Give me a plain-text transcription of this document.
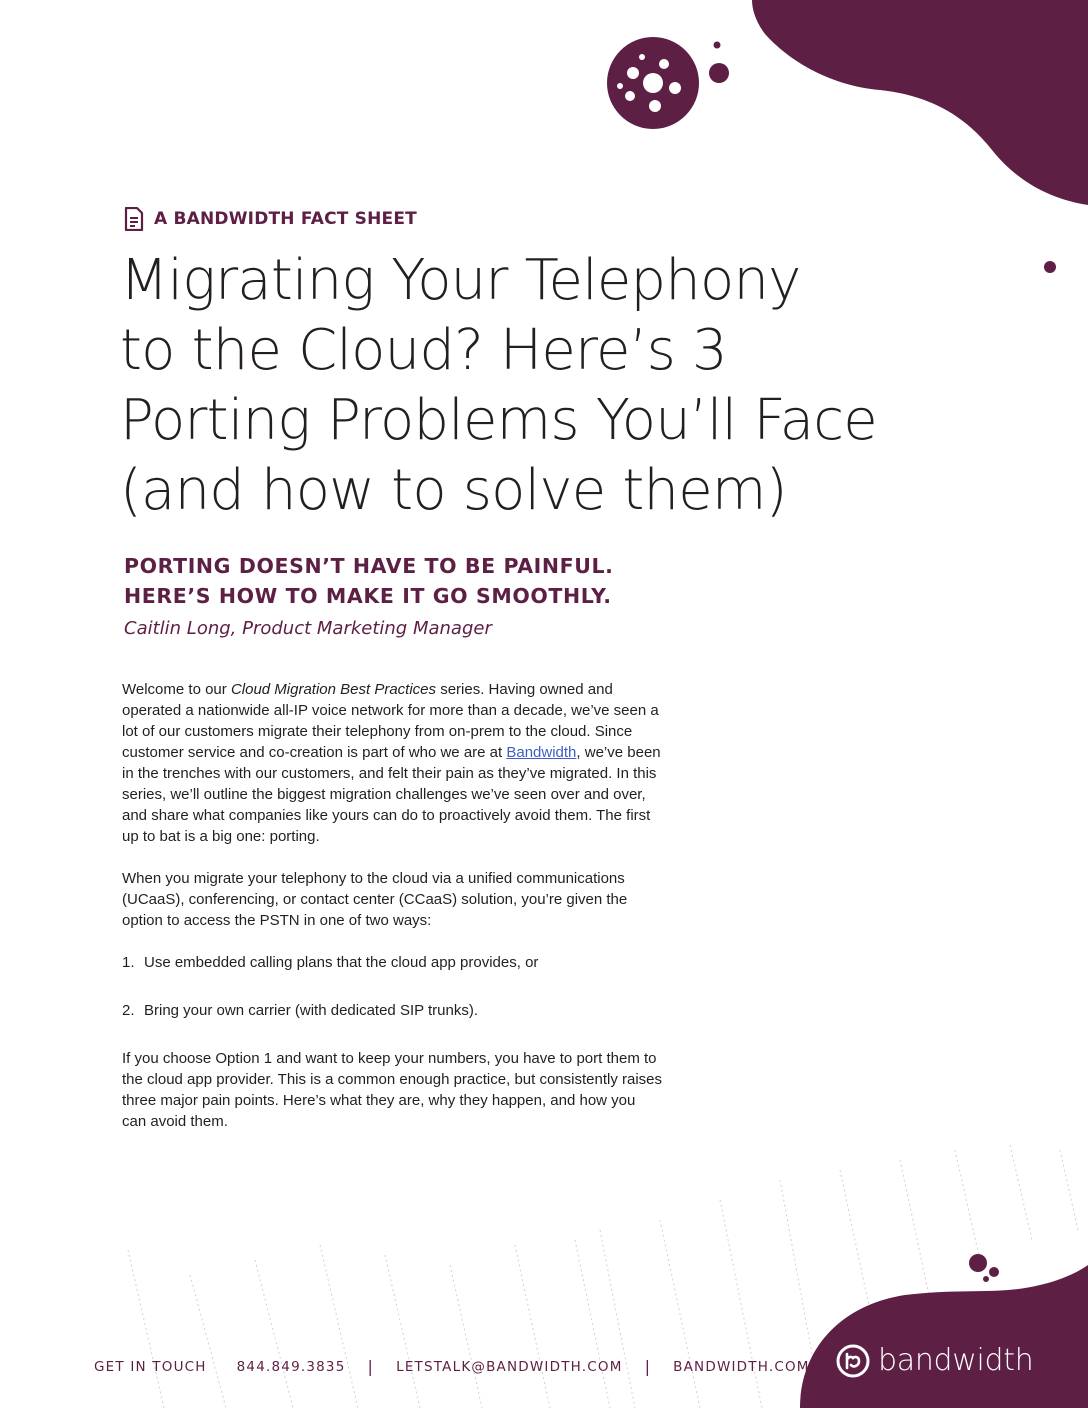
A BANDWIDTH FACT SHEET
Migrating Your Telephony
to the Cloud? Here’s 3
Porting Problems You’ll Face
(and how to solve them)
PORTING DOESN’T HAVE TO BE PAINFUL.
HERE’S HOW TO MAKE IT GO SMOOTHLY.
Caitlin Long, Product Marketing Manager

Welcome to our Cloud Migration Best Practices series. Having owned and operated a nationwide all-IP voice network for more than a decade, we’ve seen a lot of our customers migrate their telephony from on-prem to the cloud. Since customer service and co-creation is part of who we are at Bandwidth, we’ve been in the trenches with our customers, and felt their pain as they’ve migrated. In this series, we’ll outline the biggest migration challenges we’ve seen over and over, and share what companies like yours can do to proactively avoid them. The first up to bat is a big one: porting.

When you migrate your telephony to the cloud via a unified communications (UCaaS), conferencing, or contact center (CCaaS) solution, you’re given the option to access the PSTN in one of two ways:

1. Use embedded calling plans that the cloud app provides, or
2. Bring your own carrier (with dedicated SIP trunks).

If you choose Option 1 and want to keep your numbers, you have to port them to the cloud app provider. This is a common enough practice, but consistently raises three major pain points. Here’s what they are, why they happen, and how you can avoid them.

GET IN TOUCH 844.849.3835 | LETSTALK@BANDWIDTH.COM | BANDWIDTH.COM bandwidth
